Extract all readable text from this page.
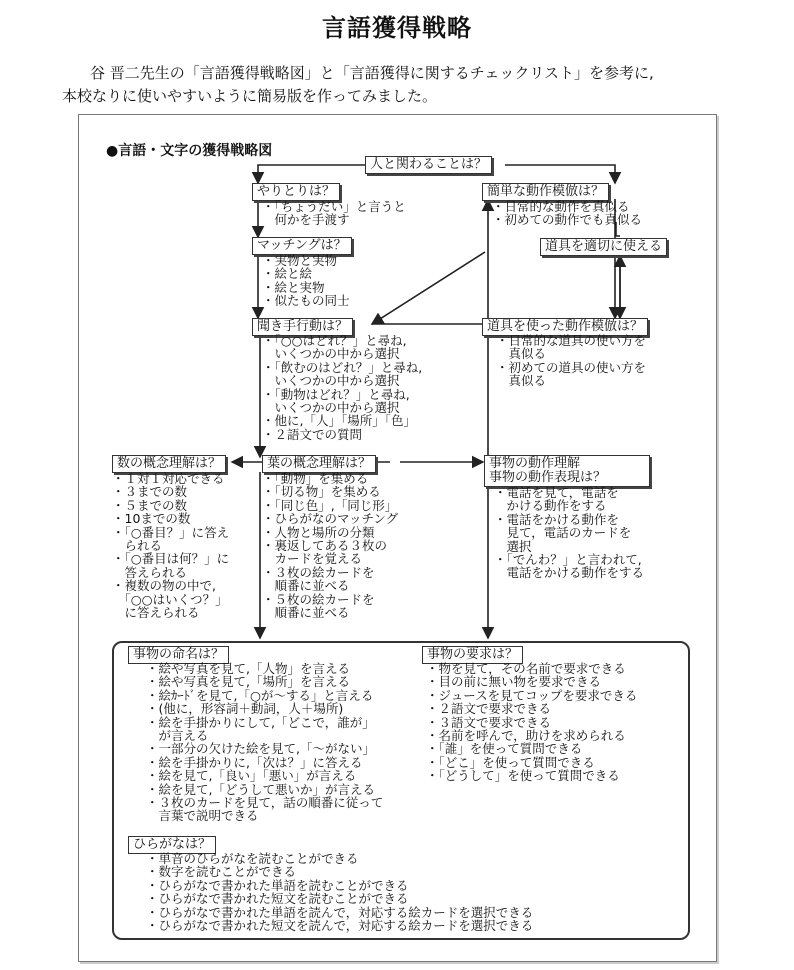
言語獲得戦略

谷 晋二先生の「言語獲得戦略図」と「言語獲得に関するチェックリスト」を参考に,

本校なりに使いやすいように簡易版を作ってみました。

●言語・文字の獲得戦略図
人と関わることは？
やりとりは？
・「ちょうだい」と言うと
　何かを手渡す
簡単な動作模倣は？
・日常的な動作を真似る
・初めての動作でも真似る
道具を適切に使える
マッチングは？
・実物と実物
・絵と絵
・絵と実物
・似たもの同士
聞き手行動は？
・「○○はどれ？」と尋ね,
　いくつかの中から選択
・「飲むのはどれ？」と尋ね,
　いくつかの中から選択
・「動物はどれ？」と尋ね,
　いくつかの中から選択
・他に,「人」「場所」「色」
・２語文での質問
道具を使った動作模倣は？
・日常的な道具の使い方を
　真似る
・初めての道具の使い方を
　真似る
数の概念理解は？
・１対１対応できる
・３までの数
・５までの数
・10までの数
・「○番目？」に答え
　られる
・「○番目は何？」に
　答えられる
・複数の物の中で,
　「○○はいくつ？」
　に答えられる
葉の概念理解は？
・「動物」を集める
・「切る物」を集める
・「同じ色」,「同じ形」
・ひらがなのマッチング
・人物と場所の分類
・裏返してある３枚の
　カードを覚える
・３枚の絵カードを
　順番に並べる
・５枚の絵カードを
　順番に並べる
事物の動作理解
事物の動作表現は？
・電話を見て，電話を
　かける動作をする
・電話をかける動作を
　見て，電話のカードを
　選択
・「でんわ？」と言われて,
　電話をかける動作をする
事物の命名は？
・絵や写真を見て,「人物」を言える
・絵や写真を見て,「場所」を言える
・絵ｶｰﾄﾞを見て,「○が～する」と言える
・(他に，形容詞＋動詞，人＋場所)
・絵を手掛かりにして,「どこで，誰が」
　が言える
・一部分の欠けた絵を見て,「～がない」
・絵を手掛かりに,「次は？」に答える
・絵を見て,「良い」「悪い」が言える
・絵を見て,「どうして悪いか」が言える
・３枚のカードを見て，話の順番に従って
　言葉で説明できる
事物の要求は？
・物を見て，その名前で要求できる
・目の前に無い物を要求できる
・ジュースを見てコップを要求できる
・２語文で要求できる
・３語文で要求できる
・名前を呼んで，助けを求められる
・「誰」を使って質問できる
・「どこ」を使って質問できる
・「どうして」を使って質問できる
ひらがなは？
・単音のひらがなを読むことができる
・数字を読むことができる
・ひらがなで書かれた単語を読むことができる
・ひらがなで書かれた短文を読むことができる
・ひらがなで書かれた単語を読んで，対応する絵カードを選択できる
・ひらがなで書かれた短文を読んで，対応する絵カードを選択できる
